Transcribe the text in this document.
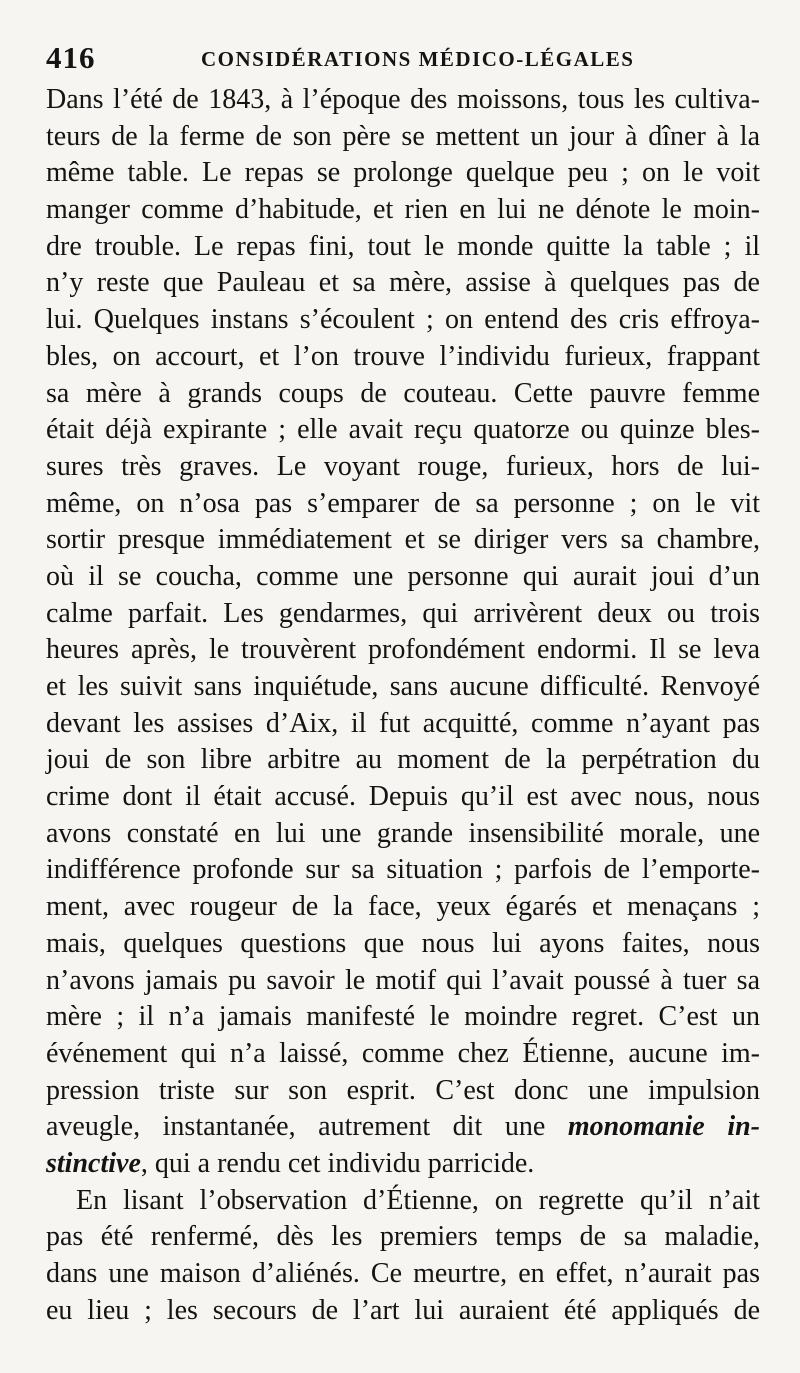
416	CONSIDÉRATIONS MÉDICO-LÉGALES
Dans l’été de 1843, à l’époque des moissons, tous les cultiva-
teurs de la ferme de son père se mettent un jour à dîner à la
même table. Le repas se prolonge quelque peu ; on le voit
manger comme d’habitude, et rien en lui ne dénote le moin-
dre trouble. Le repas fini, tout le monde quitte la table ; il
n’y reste que Pauleau et sa mère, assise à quelques pas de
lui. Quelques instans s’écoulent ; on entend des cris effroya-
bles, on accourt, et l’on trouve l’individu furieux, frappant
sa mère à grands coups de couteau. Cette pauvre femme
était déjà expirante ; elle avait reçu quatorze ou quinze bles-
sures très graves. Le voyant rouge, furieux, hors de lui-
même, on n’osa pas s’emparer de sa personne ; on le vit
sortir presque immédiatement et se diriger vers sa chambre,
où il se coucha, comme une personne qui aurait joui d’un
calme parfait. Les gendarmes, qui arrivèrent deux ou trois
heures après, le trouvèrent profondément endormi. Il se leva
et les suivit sans inquiétude, sans aucune difficulté. Renvoyé
devant les assises d’Aix, il fut acquitté, comme n’ayant pas
joui de son libre arbitre au moment de la perpétration du
crime dont il était accusé. Depuis qu’il est avec nous, nous
avons constaté en lui une grande insensibilité morale, une
indifférence profonde sur sa situation ; parfois de l’emporte-
ment, avec rougeur de la face, yeux égarés et menaçans ;
mais, quelques questions que nous lui ayons faites, nous
n’avons jamais pu savoir le motif qui l’avait poussé à tuer sa
mère ; il n’a jamais manifesté le moindre regret. C’est un
événement qui n’a laissé, comme chez Étienne, aucune im-
pression triste sur son esprit. C’est donc une impulsion
aveugle, instantanée, autrement dit une monomanie in-
stinctive, qui a rendu cet individu parricide.
En lisant l’observation d’Étienne, on regrette qu’il n’ait
pas été renfermé, dès les premiers temps de sa maladie,
dans une maison d’aliénés. Ce meurtre, en effet, n’aurait pas
eu lieu ; les secours de l’art lui auraient été appliqués de
